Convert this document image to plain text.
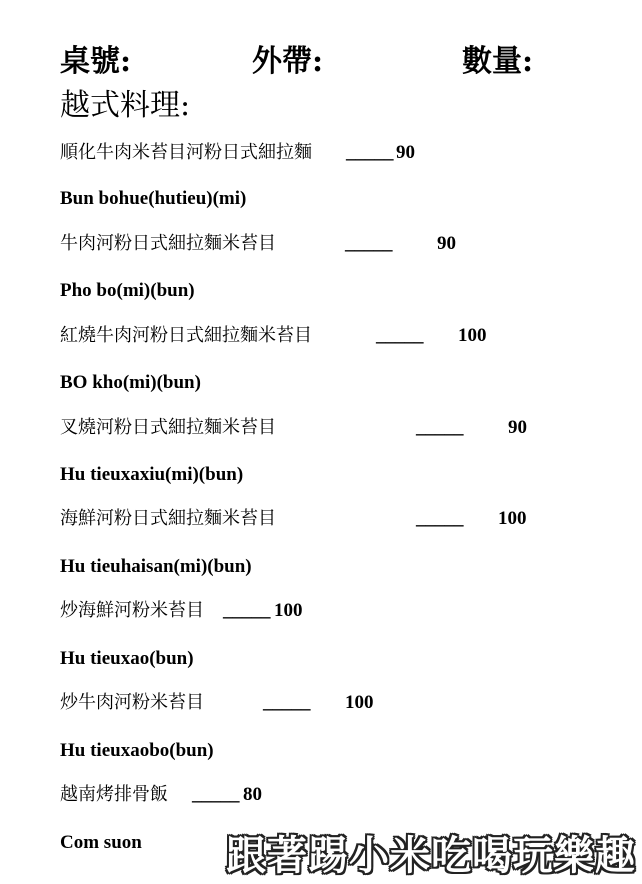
桌號:	外帶:	數量:
越式料理:
順化牛肉米苔目河粉日式細拉麵 _____ 90
Bun bohue(hutieu)(mi)
牛肉河粉日式細拉麵米苔目	_____ 90
Pho bo(mi)(bun)
紅燒牛肉河粉日式細拉麵米苔目	_____ 100
BO kho(mi)(bun)
叉燒河粉日式細拉麵米苔目	_____ 90
Hu tieuxaxiu(mi)(bun)
海鮮河粉日式細拉麵米苔目	_____ 100
Hu tieuhaisan(mi)(bun)
炒海鮮河粉米苔目 _____ 100
Hu tieuxao(bun)
炒牛肉河粉米苔目	_____ 100
Hu tieuxaobo(bun)
越南烤排骨飯 _____ 80
Com suon 跟著踢小米吃喝玩樂趣
